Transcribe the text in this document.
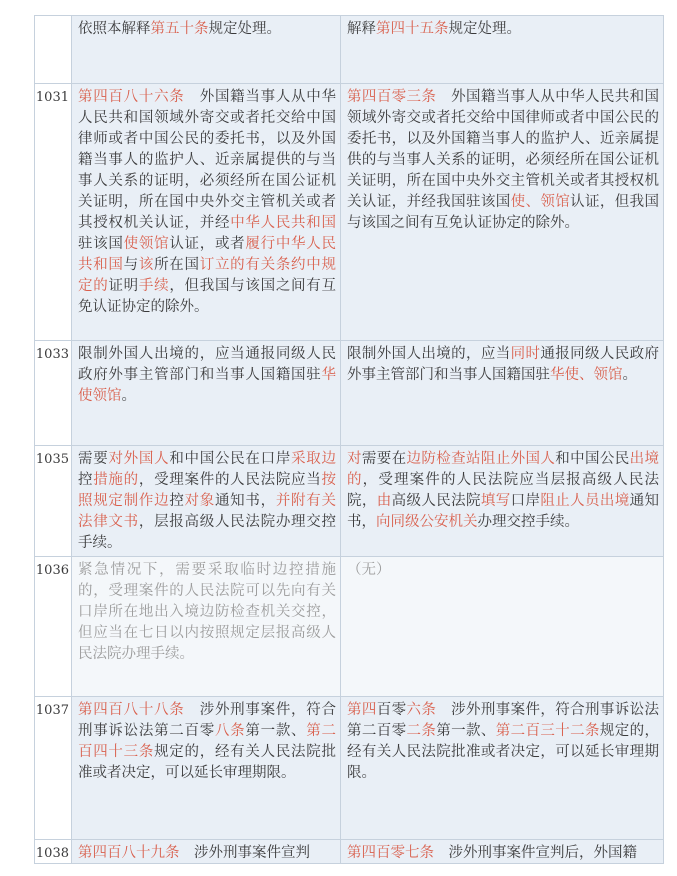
依照本解释第五十条规定处理。	解释第四十五条规定处理。
1031 第四百八十六条　外国籍当事人从中华人民共和国领域外寄交或者托交给中国律师或者中国公民的委托书，以及外国籍当事人的监护人、近亲属提供的与当事人关系的证明，必须经所在国公证机关证明，所在国中央外交主管机关或者其授权机关认证，并经中华人民共和国驻该国使领馆认证，或者履行中华人民共和国与该所在国订立的有关条约中规定的证明手续，但我国与该国之间有互免认证协定的除外。
第四百零三条　外国籍当事人从中华人民共和国领域外寄交或者托交给中国律师或者中国公民的委托书，以及外国籍当事人的监护人、近亲属提供的与当事人关系的证明，必须经所在国公证机关证明，所在国中央外交主管机关或者其授权机关认证，并经我国驻该国使、领馆认证，但我国与该国之间有互免认证协定的除外。
1033 限制外国人出境的，应当通报同级人民政府外事主管部门和当事人国籍国驻华使领馆。
限制外国人出境的，应当同时通报同级人民政府外事主管部门和当事人国籍国驻华使、领馆。
1035 需要对外国人和中国公民在口岸采取边控措施的，受理案件的人民法院应当按照规定制作边控对象通知书，并附有关法律文书，层报高级人民法院办理交控手续。
对需要在边防检查站阻止外国人和中国公民出境的，受理案件的人民法院应当层报高级人民法院，由高级人民法院填写口岸阻止人员出境通知书，向同级公安机关办理交控手续。
1036 紧急情况下，需要采取临时边控措施的，受理案件的人民法院可以先向有关口岸所在地出入境边防检查机关交控，但应当在七日以内按照规定层报高级人民法院办理手续。
（无）
1037 第四百八十八条　涉外刑事案件，符合刑事诉讼法第二百零八条第一款、第二百四十三条规定的，经有关人民法院批准或者决定，可以延长审理期限。
第四百零六条　涉外刑事案件，符合刑事诉讼法第二百零二条第一款、第二百三十二条规定的，经有关人民法院批准或者决定，可以延长审理期限。
1038 第四百八十九条　涉外刑事案件宣判	第四百零七条　涉外刑事案件宣判后，外国籍
